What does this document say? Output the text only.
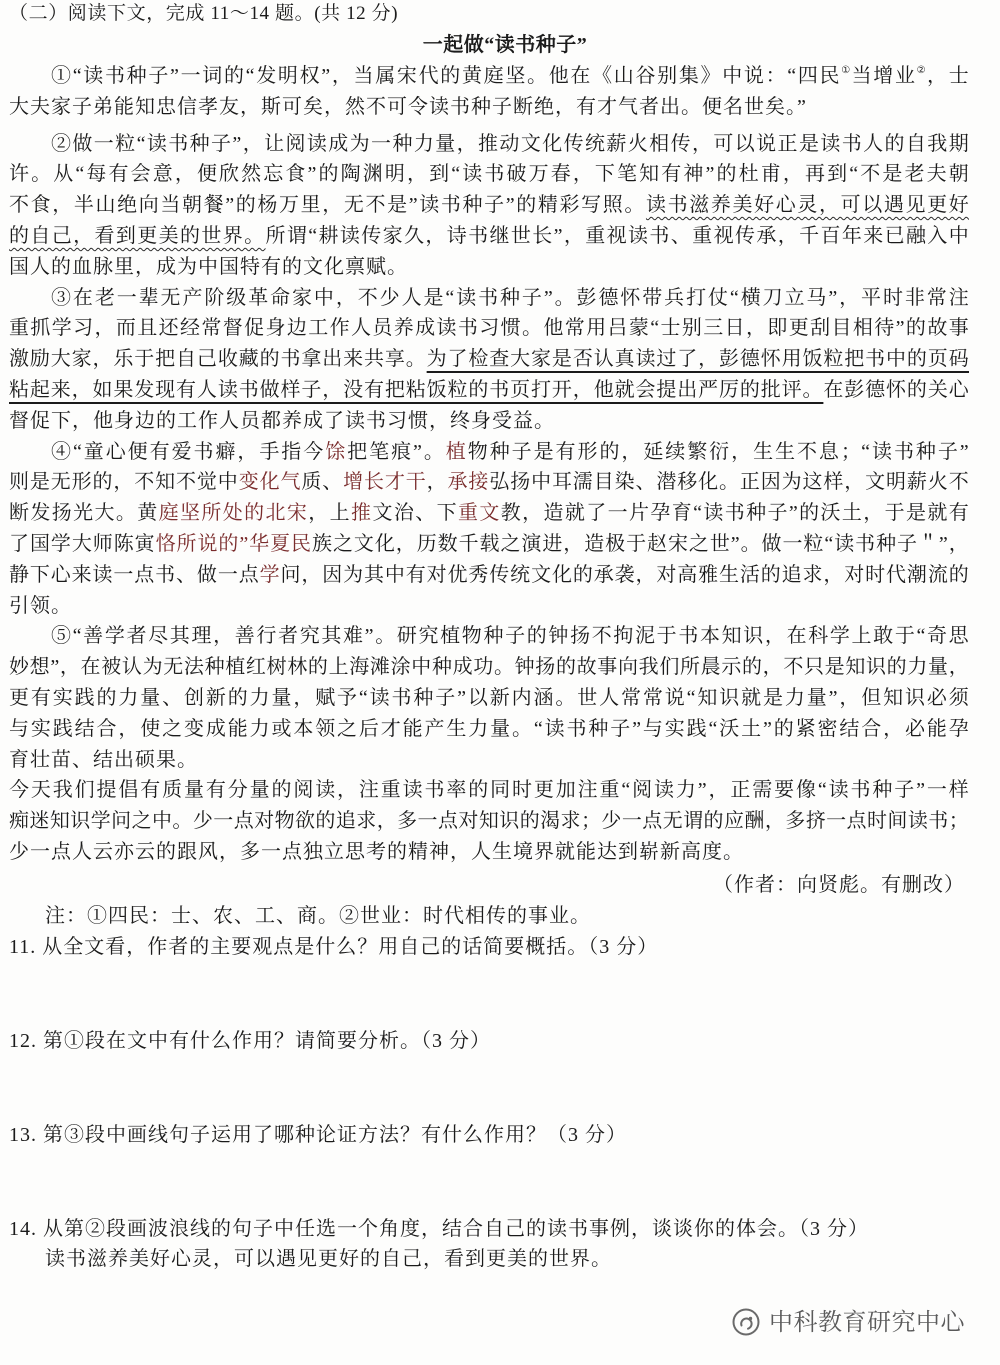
（二）阅读下文，完成 11～14 题。(共 12 分)
一起做“读书种子”
①“读书种子”一词的“发明权”，当属宋代的黄庭坚。他在《山谷别集》中说：“四民①当增业②，士
大夫家子弟能知忠信孝友，斯可矣，然不可令读书种子断绝，有才气者出。便名世矣。”
②做一粒“读书种子”，让阅读成为一种力量，推动文化传统薪火相传，可以说正是读书人的自我期
许。从“每有会意，便欣然忘食”的陶渊明，到“读书破万春，下笔知有神”的杜甫，再到“不是老夫朝
不食，半山绝向当朝餐”的杨万里，无不是”读书种子”的精彩写照。读书滋养美好心灵，可以遇见更好
的自己，看到更美的世界。所谓“耕读传家久，诗书继世长”，重视读书、重视传承，千百年来已融入中
国人的血脉里，成为中国特有的文化禀赋。
③在老一辈无产阶级革命家中，不少人是“读书种子”。彭德怀带兵打仗“横刀立马”，平时非常注
重抓学习，而且还经常督促身边工作人员养成读书习惯。他常用吕蒙“士别三日，即更刮目相待”的故事
激励大家，乐于把自己收藏的书拿出来共享。为了检查大家是否认真读过了，彭德怀用饭粒把书中的页码
粘起来，如果发现有人读书做样子，没有把粘饭粒的书页打开，他就会提出严厉的批评。在彭德怀的关心
督促下，他身边的工作人员都养成了读书习惯，终身受益。
④“童心便有爱书癖，手指今馀把笔痕”。植物种子是有形的，延续繁衍，生生不息；“读书种子”
则是无形的，不知不觉中变化气质、增长才干，承接弘扬中耳濡目染、潜移化。正因为这样，文明薪火不
断发扬光大。黄庭坚所处的北宋，上推文治、下重文教，造就了一片孕育“读书种子”的沃土，于是就有
了国学大师陈寅恪所说的”华夏民族之文化，历数千载之演进，造极于赵宋之世”。做一粒“读书种子＂”，
静下心来读一点书、做一点学问，因为其中有对优秀传统文化的承袭，对高雅生活的追求，对时代潮流的
引领。
⑤“善学者尽其理，善行者究其难”。研究植物种子的钟扬不拘泥于书本知识，在科学上敢于“奇思
妙想”，在被认为无法种植红树林的上海滩涂中种成功。钟扬的故事向我们所晨示的，不只是知识的力量，
更有实践的力量、创新的力量，赋予“读书种子”以新内涵。世人常常说“知识就是力量”，但知识必须
与实践结合，使之变成能力或本领之后才能产生力量。“读书种子”与实践“沃土”的紧密结合，必能孕
育壮苗、结出硕果。
今天我们提倡有质量有分量的阅读，注重读书率的同时更加注重“阅读力”，正需要像“读书种子”一样
痴迷知识学问之中。少一点对物欲的追求，多一点对知识的渴求；少一点无谓的应酬，多挤一点时间读书；
少一点人云亦云的跟风，多一点独立思考的精神，人生境界就能达到崭新高度。
（作者：向贤彪。有删改）
注：①四民：士、农、工、商。②世业：时代相传的事业。
11. 从全文看，作者的主要观点是什么？用自己的话简要概括。（3 分）
12. 第①段在文中有什么作用？请简要分析。（3 分）
13. 第③段中画线句子运用了哪种论证方法？有什么作用？（3 分）
14. 从第②段画波浪线的句子中任选一个角度，结合自己的读书事例，谈谈你的体会。（3 分）
读书滋养美好心灵，可以遇见更好的自己，看到更美的世界。
中科教育研究中心
